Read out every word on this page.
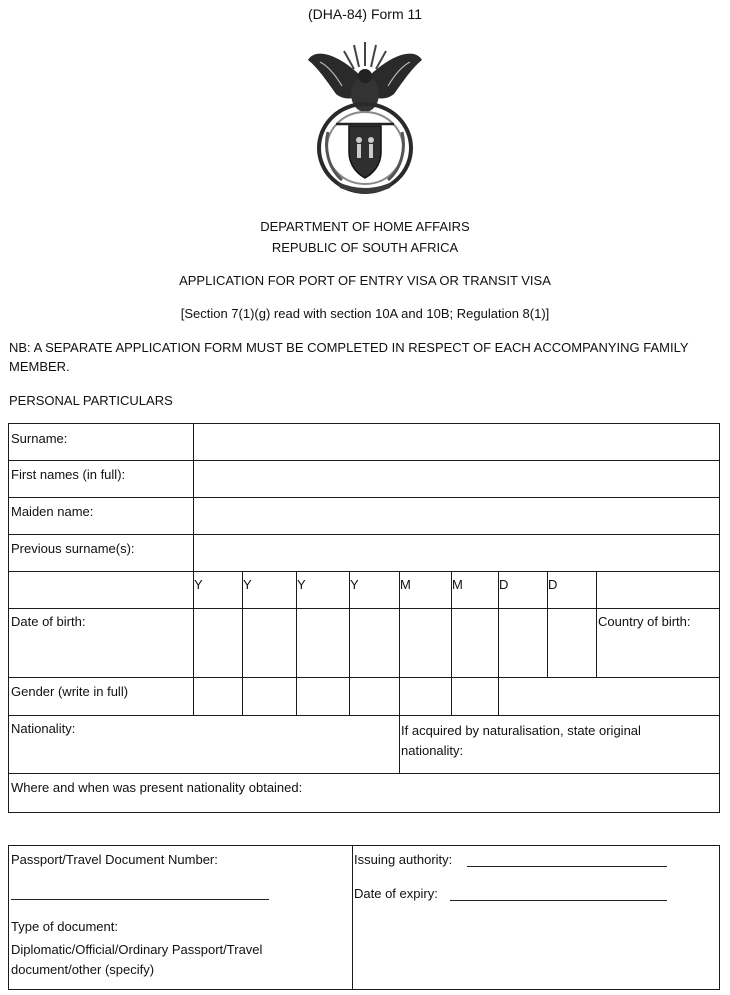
(DHA-84) Form 11
DEPARTMENT OF HOME AFFAIRS
REPUBLIC OF SOUTH AFRICA
APPLICATION FOR PORT OF ENTRY VISA OR TRANSIT VISA
[Section 7(1)(g) read with section 10A and 10B; Regulation 8(1)]
NB: A SEPARATE APPLICATION FORM MUST BE COMPLETED IN RESPECT OF EACH ACCOMPANYING FAMILY MEMBER.
PERSONAL PARTICULARS
Surname:
First names (in full):
Maiden name:
Previous surname(s):
Y	Y	Y	Y	M	M	D	D
Date of birth:	Country of birth:
Gender (write in full)
Nationality:	If acquired by naturalisation, state original nationality:
Where and when was present nationality obtained:
Passport/Travel Document Number:
Type of document:
Diplomatic/Official/Ordinary Passport/Travel document/other (specify)
Issuing authority:
Date of expiry:
